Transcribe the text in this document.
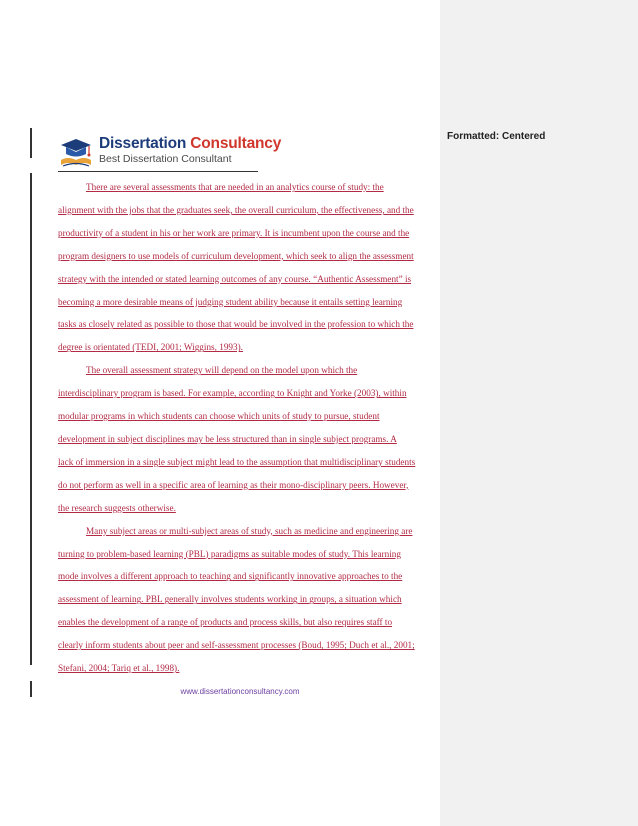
Formatted: Centered
Dissertation Consultancy
Best Dissertation Consultant
There are several assessments that are needed in an analytics course of study: the
alignment with the jobs that the graduates seek, the overall curriculum, the effectiveness, and the
productivity of a student in his or her work are primary. It is incumbent upon the course and the
program designers to use models of curriculum development, which seek to align the assessment
strategy with the intended or stated learning outcomes of any course. “Authentic Assessment” is
becoming a more desirable means of judging student ability because it entails setting learning
tasks as closely related as possible to those that would be involved in the profession to which the
degree is orientated (TEDI, 2001; Wiggins, 1993).
The overall assessment strategy will depend on the model upon which the
interdisciplinary program is based. For example, according to Knight and Yorke (2003), within
modular programs in which students can choose which units of study to pursue, student
development in subject disciplines may be less structured than in single subject programs. A
lack of immersion in a single subject might lead to the assumption that multidisciplinary students
do not perform as well in a specific area of learning as their mono-disciplinary peers. However,
the research suggests otherwise.
Many subject areas or multi-subject areas of study, such as medicine and engineering are
turning to problem-based learning (PBL) paradigms as suitable modes of study. This learning
mode involves a different approach to teaching and significantly innovative approaches to the
assessment of learning. PBL generally involves students working in groups, a situation which
enables the development of a range of products and process skills, but also requires staff to
clearly inform students about peer and self-assessment processes (Boud, 1995; Duch et al., 2001;
Stefani, 2004; Tariq et al., 1998).
www.dissertationconsultancy.com
